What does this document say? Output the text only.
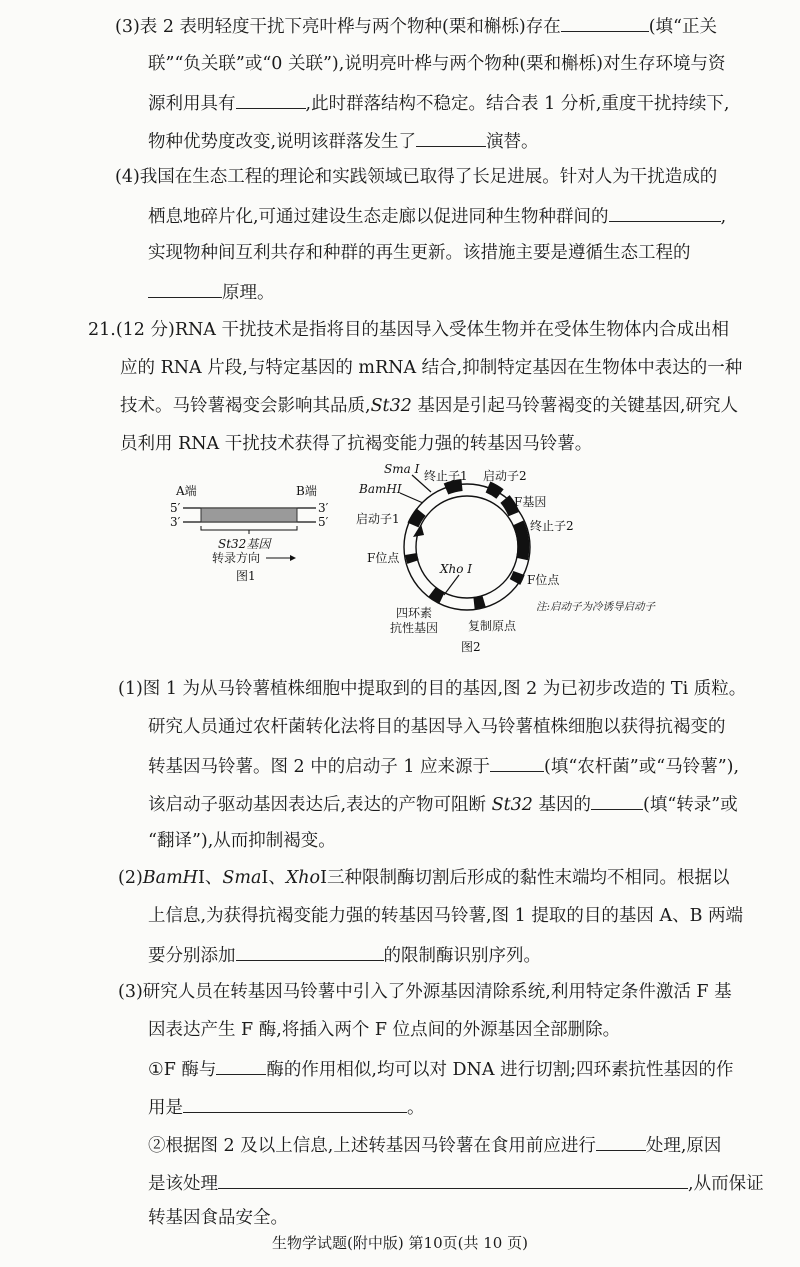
(3)表 2 表明轻度干扰下亮叶桦与两个物种(栗和槲栎)存在	(填“正关
联”“负关联”或“0 关联”),说明亮叶桦与两个物种(栗和槲栎)对生存环境与资
源利用具有	,此时群落结构不稳定。结合表 1 分析,重度干扰持续下,
物种优势度改变,说明该群落发生了	演替。
(4)我国在生态工程的理论和实践领域已取得了长足进展。针对人为干扰造成的
栖息地碎片化,可通过建设生态走廊以促进同种生物种群间的	,
实现物种间互利共存和种群的再生更新。该措施主要是遵循生态工程的
原理。
21.(12 分)RNA 干扰技术是指将目的基因导入受体生物并在受体生物体内合成出相
应的 RNA 片段,与特定基因的 mRNA 结合,抑制特定基因在生物体中表达的一种
技术。马铃薯褐变会影响其品质,St32 基因是引起马铃薯褐变的关键基因,研究人
员利用 RNA 干扰技术获得了抗褐变能力强的转基因马铃薯。
A端	B端
5′
3′
3′
5′
St32基因
转录方向
图1
Sma Ⅰ 终止子1 启动子2
BamHⅠ
F基因
启动子1	终止子2
F位点
Xho Ⅰ
F位点
四环素
抗性基因 复制原点
图2
注:启动子为冷诱导启动子
(1)图 1 为从马铃薯植株细胞中提取到的目的基因,图 2 为已初步改造的 Ti 质粒。
研究人员通过农杆菌转化法将目的基因导入马铃薯植株细胞以获得抗褐变的
转基因马铃薯。图 2 中的启动子 1 应来源于	(填“农杆菌”或“马铃薯”),
该启动子驱动基因表达后,表达的产物可阻断 St32 基因的	(填“转录”或
“翻译”),从而抑制褐变。
(2)BamHⅠ、SmaⅠ、XhoⅠ三种限制酶切割后形成的黏性末端均不相同。根据以
上信息,为获得抗褐变能力强的转基因马铃薯,图 1 提取的目的基因 A、B 两端
要分别添加	的限制酶识别序列。
(3)研究人员在转基因马铃薯中引入了外源基因清除系统,利用特定条件激活 F 基
因表达产生 F 酶,将插入两个 F 位点间的外源基因全部删除。
①F 酶与	酶的作用相似,均可以对 DNA 进行切割;四环素抗性基因的作
用是	。
②根据图 2 及以上信息,上述转基因马铃薯在食用前应进行	处理,原因
是该处理	,从而保证
转基因食品安全。
生物学试题(附中版) 第10页(共 10 页)
